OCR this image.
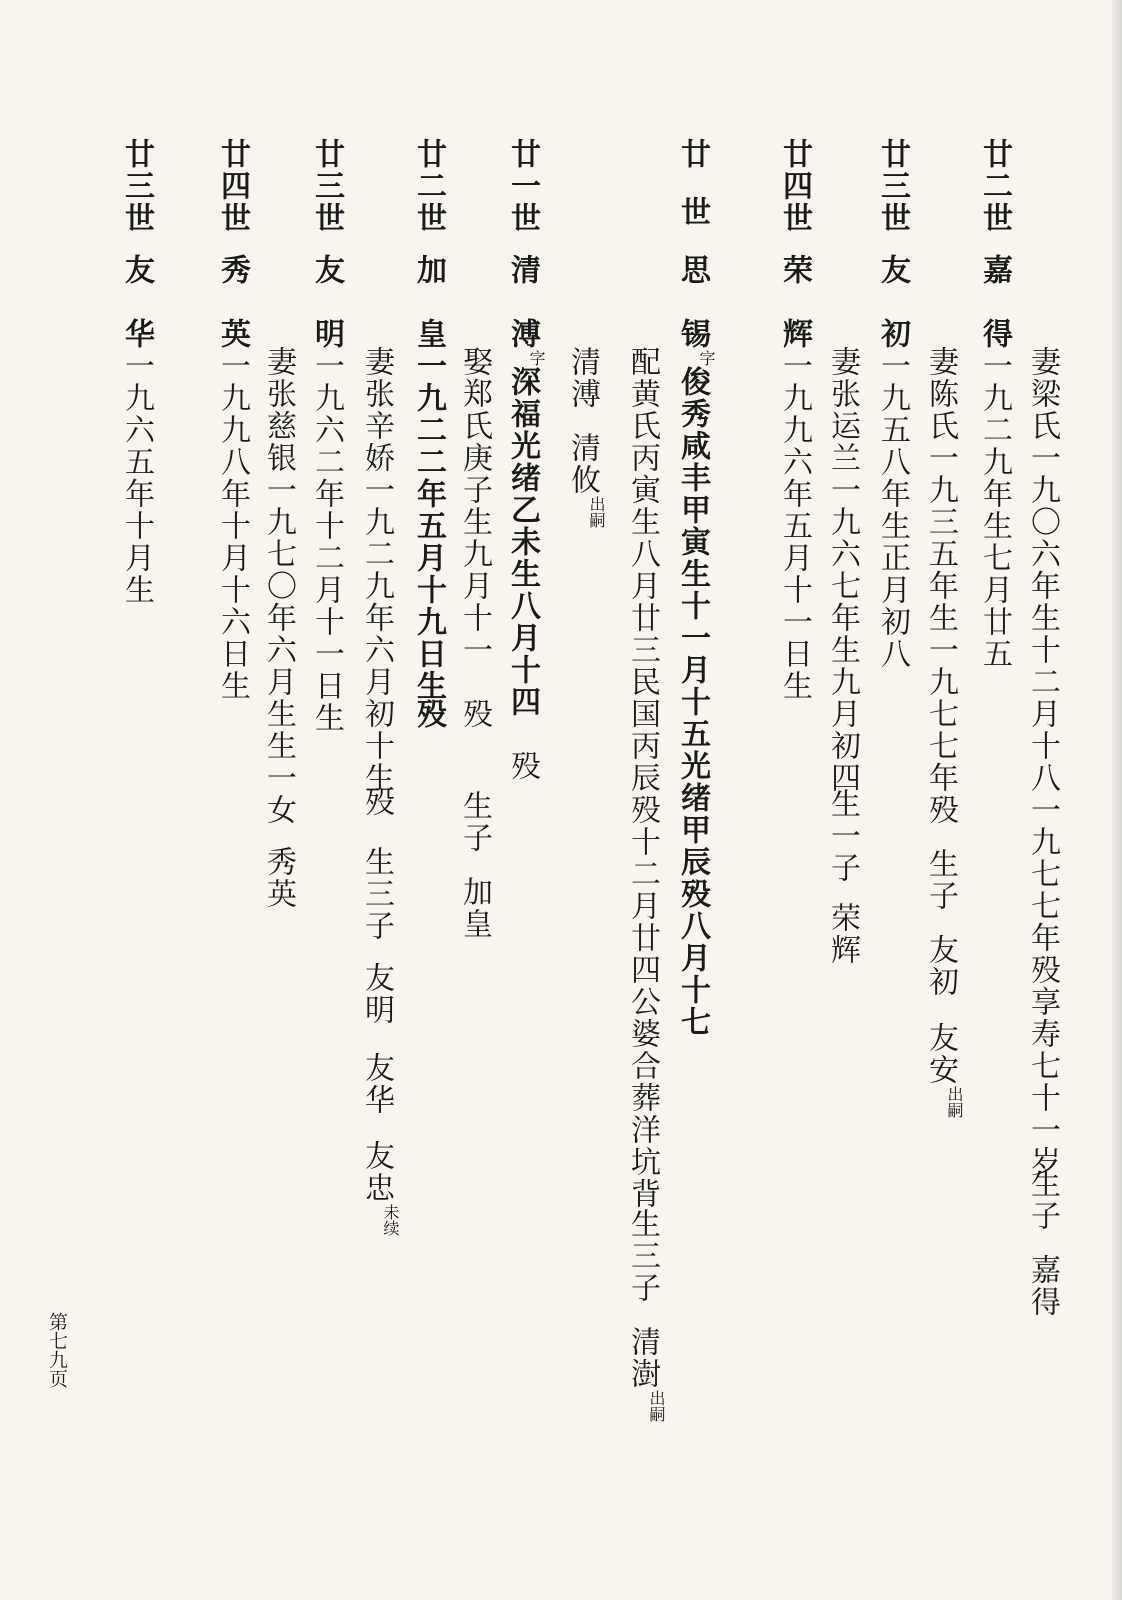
廿二世
嘉
得一九二九年生七月廿五 妻梁氏一九〇六年生十二月十八一九七七年殁享寿七十一岁
生子
嘉得
妻陈氏一九三五年生一九七七年殁
生子
友初
友安出嗣
廿三世
友
初一九五八年生正月初八
妻张运兰一九六七年生九月初四
生一子
荣辉
廿四世
荣
辉一九九六年五月十一日生
廿世
思
锡字俊秀咸丰甲寅生十一月十五光绪甲辰殁八月十七
配黄氏丙寅生八月廿三民国丙辰殁十二月廿四公婆合葬洋坑背
生三子
清澍出嗣
廿一世
清
溥字深福光绪乙未生八月十四
殁
娶郑氏庚子生九月十一
殁
生子
加皇
清溥
清攸出嗣
廿二世
加
皇一九二二年五月十九日生
殁
妻张辛娇一九二九年六月初十生
殁
生三子
友明
友华
友忠未续
廿三世
友
明一九六二年十二月十一日生
妻张慈银一九七〇年六月生
生一女
秀英
廿四世
秀
英一九九八年十月十六日生
廿三世
友
华一九六五年十月生
第七九页
